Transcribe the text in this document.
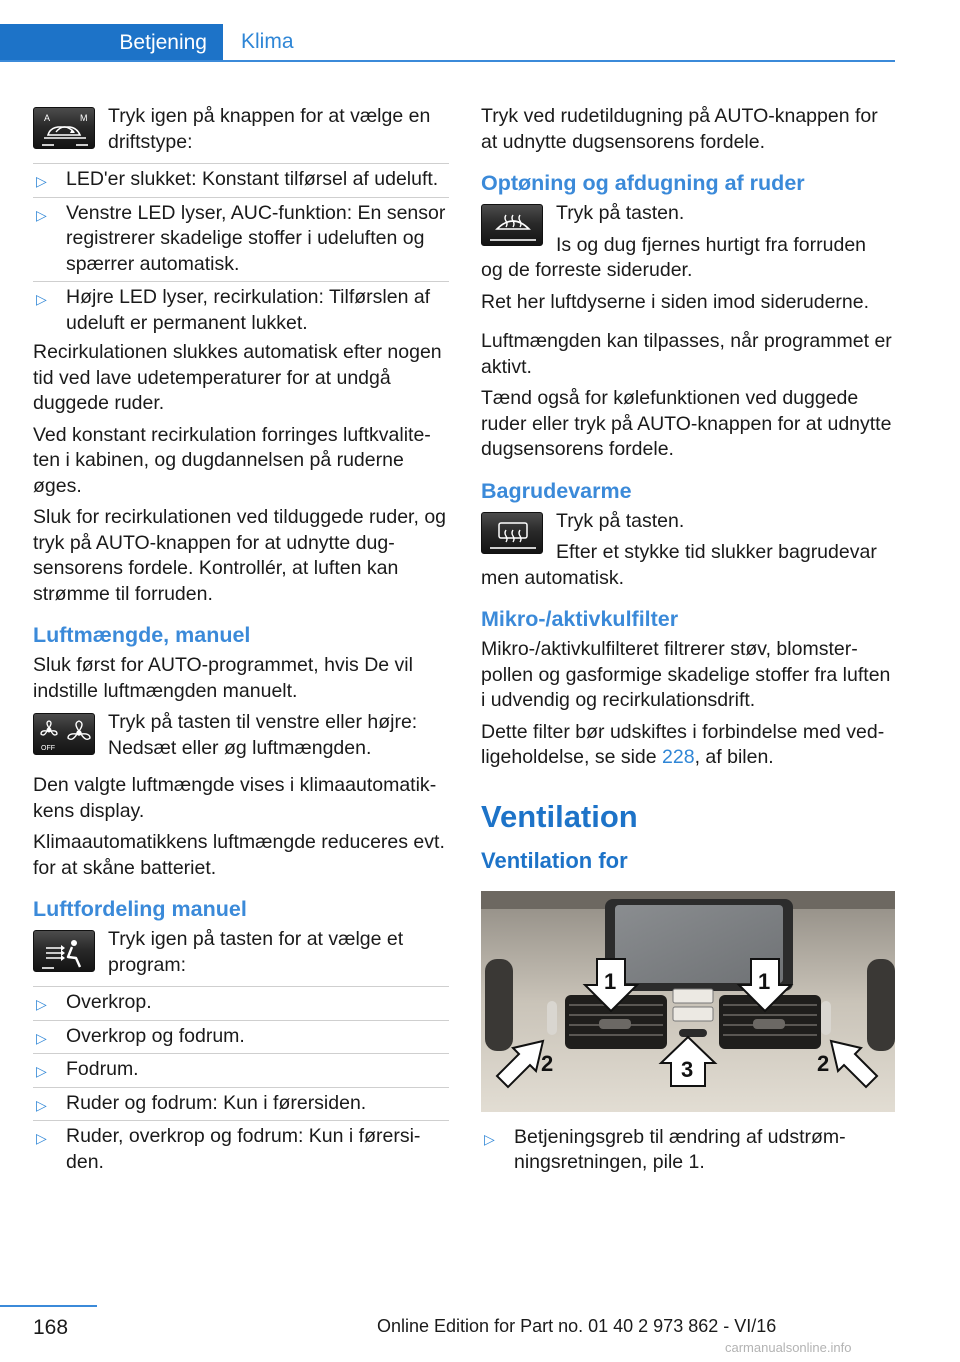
Betjening	Klima
A	M Tryk igen på knappen for at vælge en driftstype:
▷ LED'er slukket: Konstant tilførsel af udeluft.
▷ Venstre LED lyser, AUC-funktion: En sensor registrerer skadelige stoffer i udeluften og spærrer automatisk.
▷ Højre LED lyser, recirkulation: Tilførslen af udeluft er permanent lukket.

Recirkulationen slukkes automatisk efter nogen tid ved lave udetemperaturer for at undgå duggede ruder.

Ved konstant recirkulation forringes luftkvaliteten i kabinen, og dugdannelsen på ruderne øges.

Sluk for recirkulationen ved tilduggede ruder, og tryk på AUTO-knappen for at udnytte dugsensorens fordele. Kontrollér, at luften kan strømme til forruden.

Luftmængde, manuel

Sluk først for AUTO-programmet, hvis De vil indstille luftmængden manuelt.

OFF
Tryk på tasten til venstre eller højre: Nedsæt eller øg luftmængden.

Den valgte luftmængde vises i klimaautomatikkens display.

Klimaautomatikkens luftmængde reduceres evt. for at skåne batteriet.

Luftfordeling manuel
Tryk igen på tasten for at vælge et program:
▷ Overkrop.
▷ Overkrop og fodrum.
▷ Fodrum.
▷ Ruder og fodrum: Kun i førersiden.
▷ Ruder, overkrop og fodrum: Kun i førersiden.

Tryk ved rudetildugning på AUTO-knappen for at udnytte dugsensorens fordele.

Optøning og afdugning af ruder
Tryk på tasten.
Is og dug fjernes hurtigt fra forruden

og de forreste sideruder.

Ret her luftdyserne i siden imod sideruderne.

Luftmængden kan tilpasses, når programmet er aktivt.

Tænd også for kølefunktionen ved duggede ruder eller tryk på AUTO-knappen for at udnytte dugsensorens fordele.

Bagrudevarme
Tryk på tasten.
Efter et stykke tid slukker bagrudevar

men automatisk.

Mikro-/aktivkulfilter

Mikro-/aktivkulfilteret filtrerer støv, blomsterpollen og gasformige skadelige stoffer fra luften i udvendig og recirkulationsdrift.

Dette filter bør udskiftes i forbindelse med vedligeholdelse, se side 228, af bilen.

Ventilation
Ventilation for
1	1
2	2
3
▷ Betjeningsgreb til ændring af udstrømningsretningen, pile 1.
168	Online Edition for Part no. 01 40 2 973 862 - VI/16
carmanualsonline.info
